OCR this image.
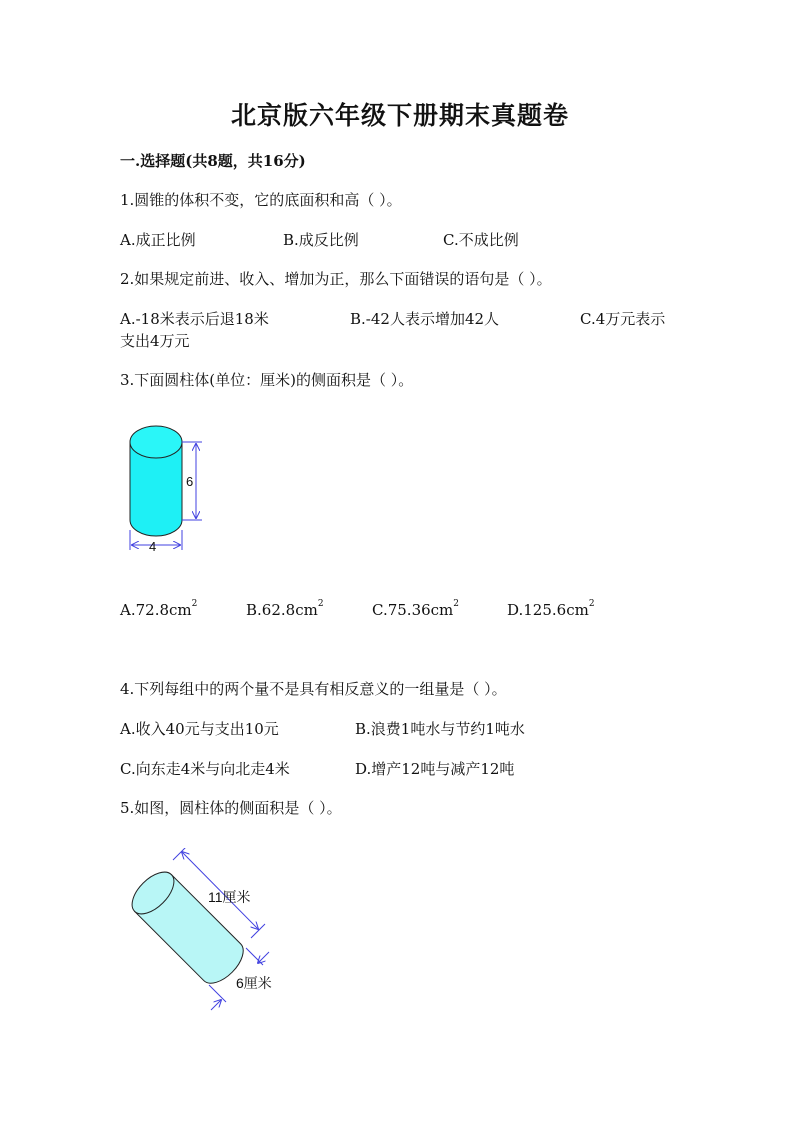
北京版六年级下册期末真题卷
一.选择题(共8题，共16分)
1.圆锥的体积不变，它的底面积和高（ ）。
A.成正比例	B.成反比例	C.不成比例
2.如果规定前进、收入、增加为正，那么下面错误的语句是（ ）。
A.-18米表示后退18米	B.-42人表示增加42人	C.4万元表示
支出4万元
3.下面圆柱体(单位：厘米)的侧面积是（ ）。
6
4
$A.72.8cm^2$	$B.62.8cm^2$	$C.75.36cm^2$	$D.125.6cm^2$
4.下列每组中的两个量不是具有相反意义的一组量是（ ）。
A.收入40元与支出10元	B.浪费1吨水与节约1吨水
C.向东走4米与向北走4米	D.增产12吨与减产12吨
5.如图，圆柱体的侧面积是（ ）。
11厘米
6厘米
